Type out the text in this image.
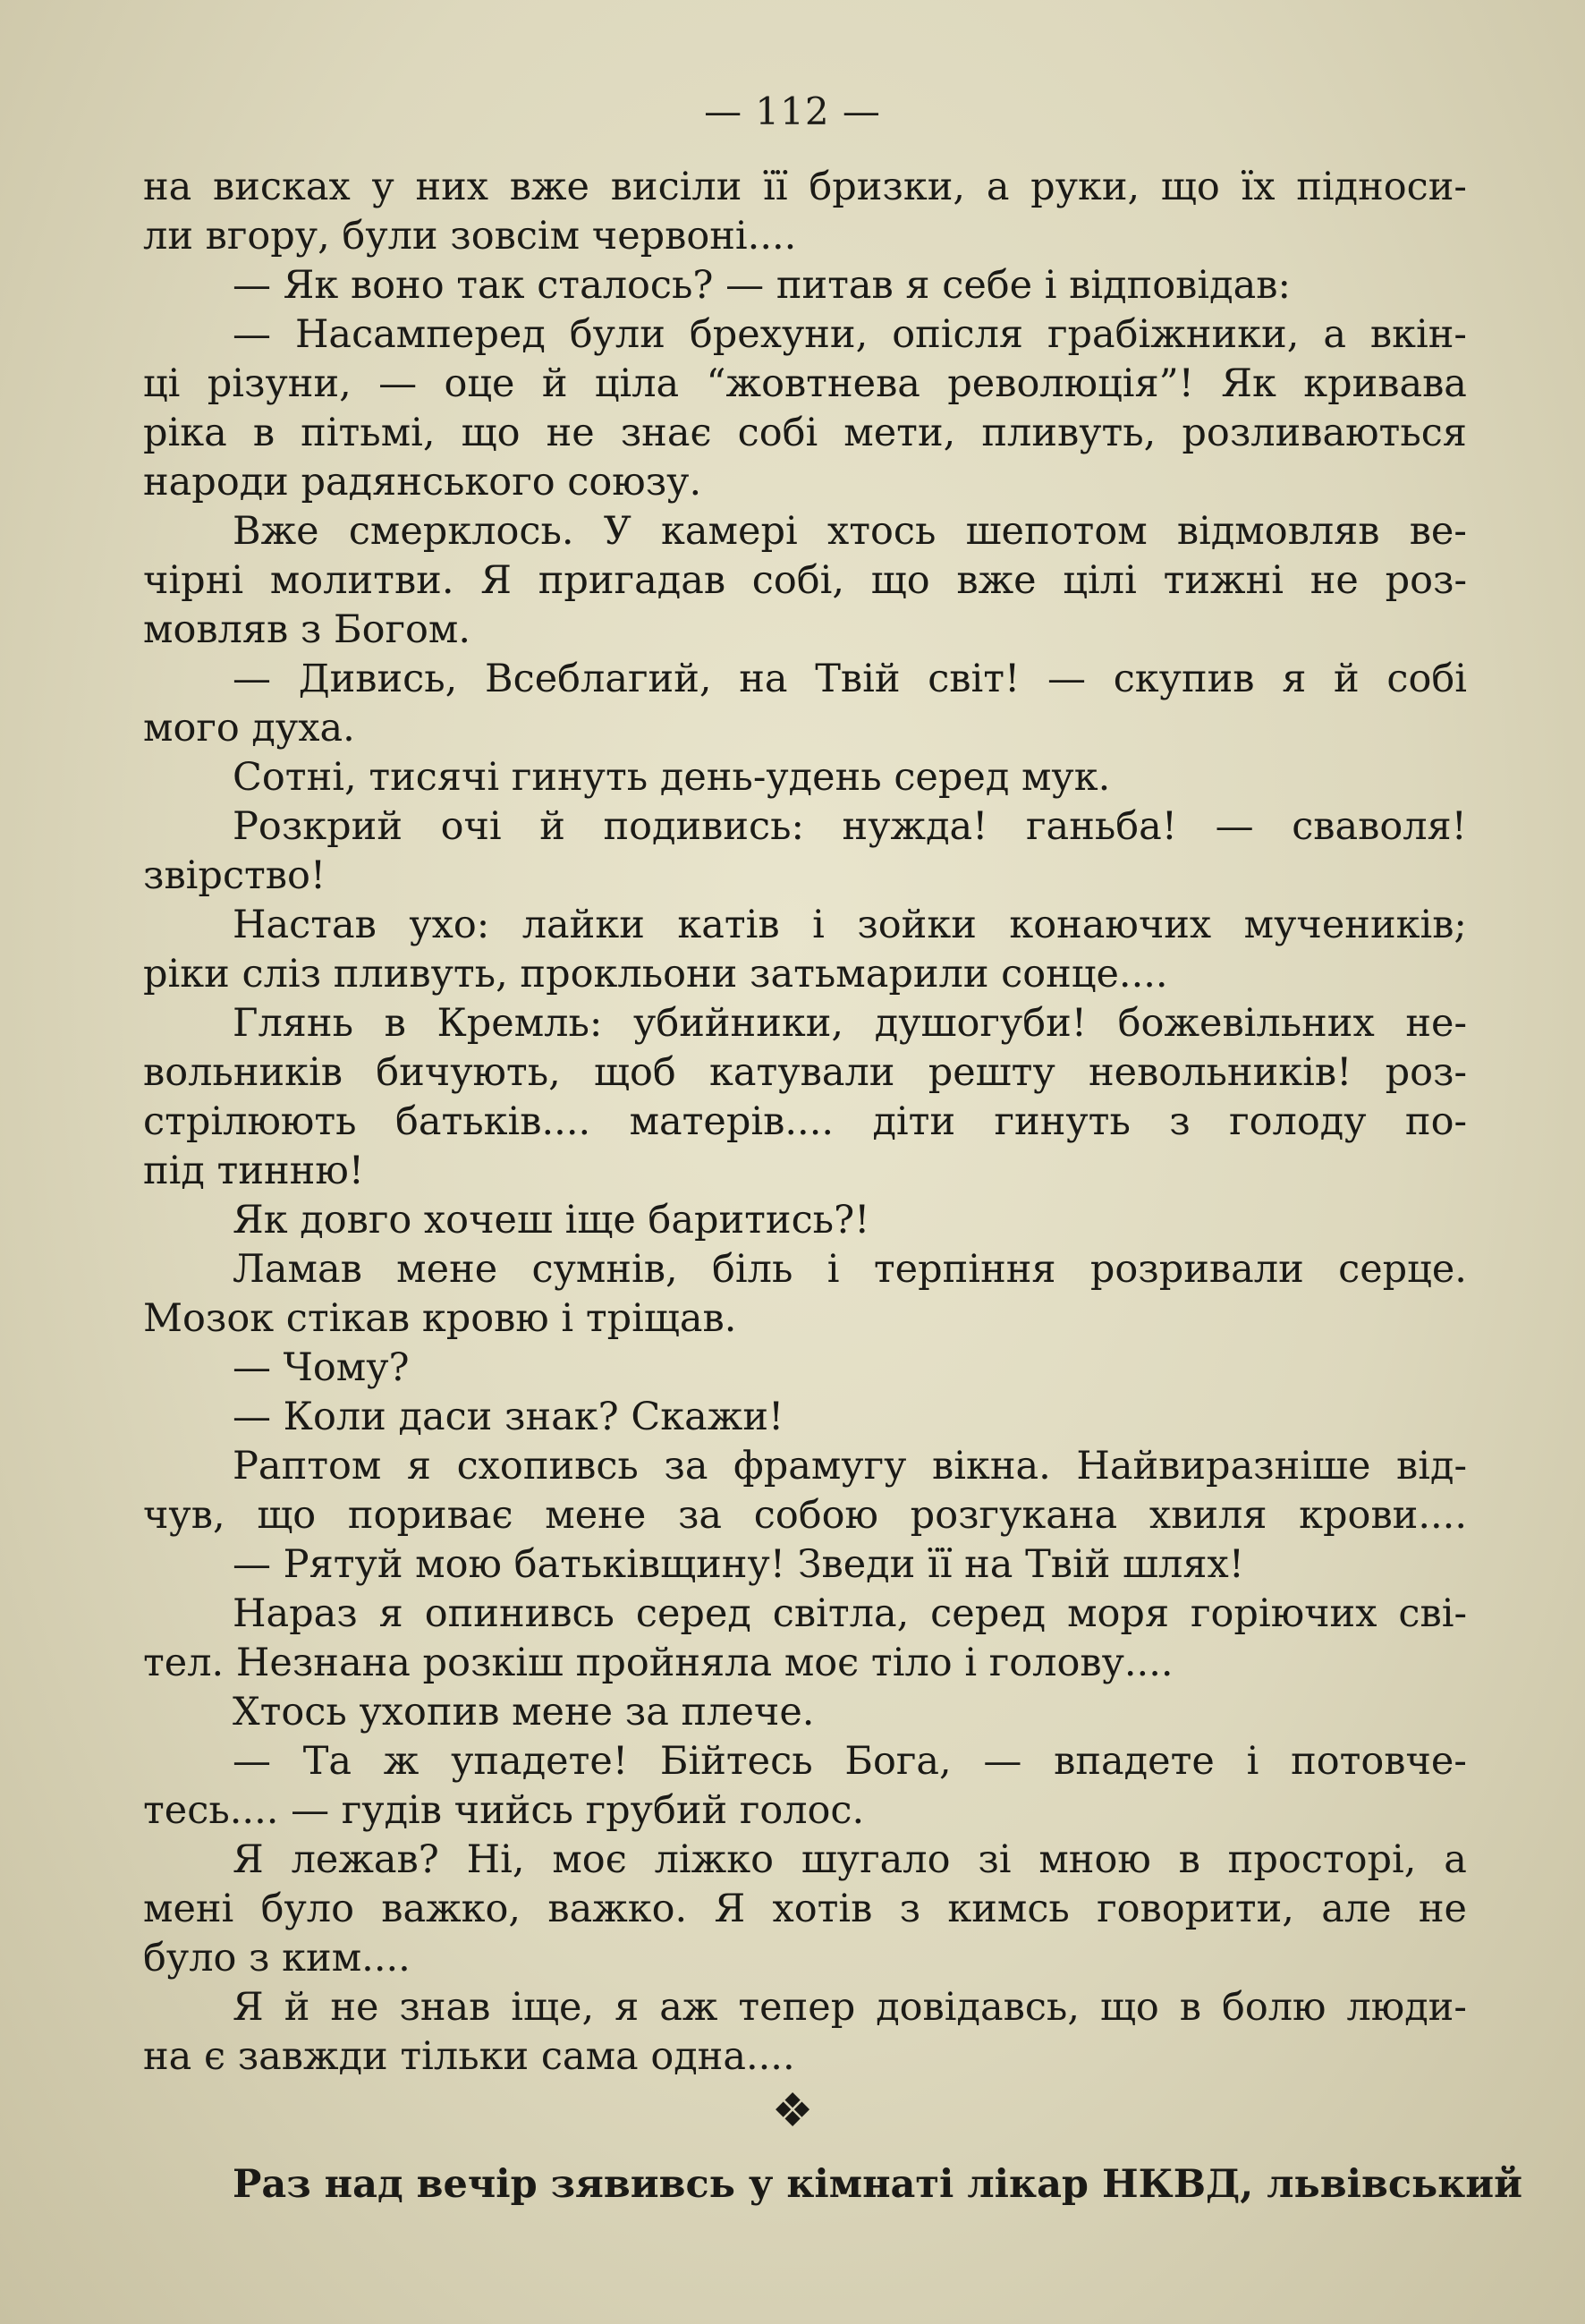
— 112 —
на висках у них вже висіли її бризки, а руки, що їх підноси-
ли вгору, були зовсім червоні....
— Як воно так сталось? — питав я себе і відповідав:
— Насамперед були брехуни, опісля грабіжники, а вкін-
ці різуни, — оце й ціла “жовтнева революція”! Як кривава
ріка в пітьмі, що не знає собі мети, пливуть, розливаються
народи радянського союзу.
Вже смерклось. У камері хтось шепотом відмовляв ве-
чірні молитви. Я пригадав собі, що вже цілі тижні не роз-
мовляв з Богом.
— Дивись, Всеблагий, на Твій світ! — скупив я й собі
мого духа.
Сотні, тисячі гинуть день-удень серед мук.
Розкрий очі й подивись: нужда! ганьба! — сваволя!
звірство!
Настав ухо: лайки катів і зойки конаючих мучеників;
ріки сліз пливуть, прокльони затьмарили сонце....
Глянь в Кремль: убийники, душогуби! божевільних не-
вольників бичують, щоб катували решту невольників! роз-
стрілюють батьків.... матерів.... діти гинуть з голоду по-
під тинню!
Як довго хочеш іще баритись?!
Ламав мене сумнів, біль і терпіння розривали серце.
Мозок стікав кровю і тріщав.
— Чому?
— Коли даси знак? Скажи!
Раптом я схопивсь за фрамугу вікна. Найвиразніше від-
чув, що пориває мене за собою розгукана хвиля крови....
— Рятуй мою батьківщину! Зведи її на Твій шлях!
Нараз я опинивсь серед світла, серед моря горіючих сві-
тел. Незнана розкіш пройняла моє тіло і голову....
Хтось ухопив мене за плече.
— Та ж упадете! Бійтесь Бога, — впадете і потовче-
тесь.... — гудів чийсь грубий голос.
Я лежав? Ні, моє ліжко шугало зі мною в просторі, а
мені було важко, важко. Я хотів з кимсь говорити, але не
було з ким....
Я й не знав іще, я аж тепер довідавсь, що в болю люди-
на є завжди тільки сама одна....
❖
Раз над вечір зявивсь у кімнаті лікар НКВД, львівський
